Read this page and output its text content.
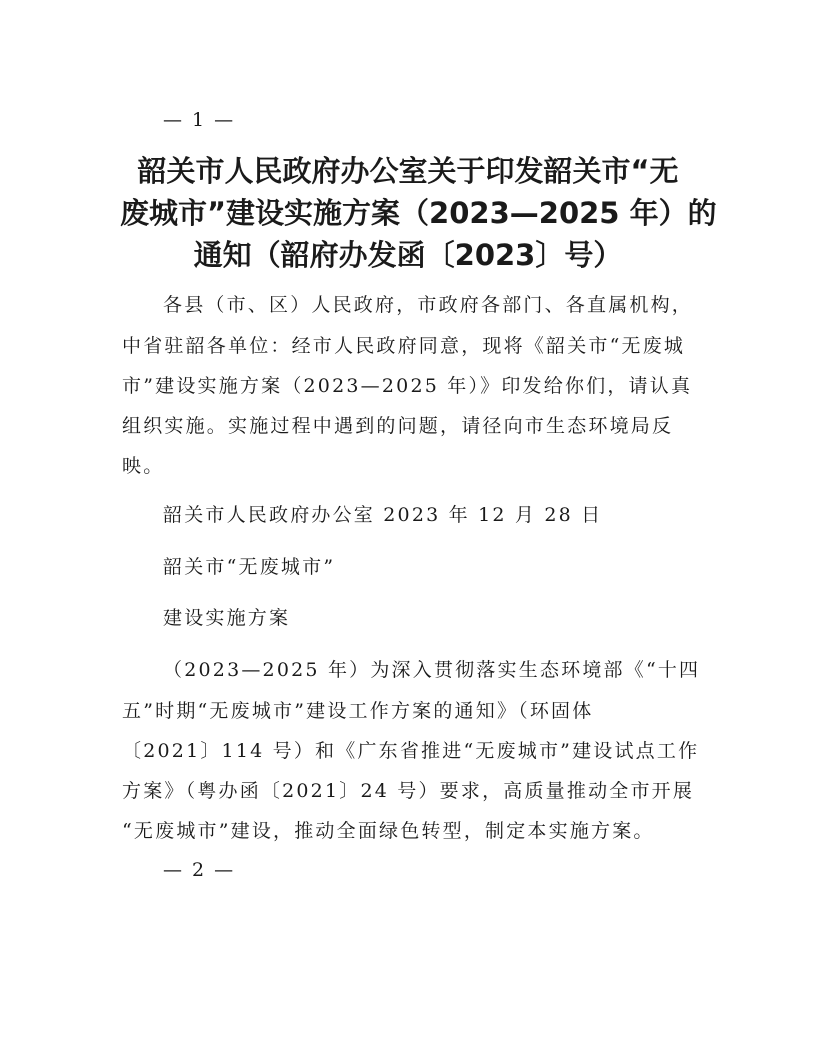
— 1 —
韶关市人民政府办公室关于印发韶关市“无
废城市”建设实施方案（2023—2025 年）的
通知（韶府办发函〔2023〕号）
各县（市、区）人民政府，市政府各部门、各直属机构，
中省驻韶各单位：经市人民政府同意，现将《韶关市“无废城
市”建设实施方案（2023—2025 年）》印发给你们，请认真
组织实施。实施过程中遇到的问题，请径向市生态环境局反
映。
韶关市人民政府办公室 2023 年 12 月 28 日
韶关市“无废城市”
建设实施方案
（2023—2025 年）为深入贯彻落实生态环境部《“十四
五”时期“无废城市”建设工作方案的通知》（环固体
〔2021〕114 号）和《广东省推进“无废城市”建设试点工作
方案》（粤办函〔2021〕24 号）要求，高质量推动全市开展
“无废城市”建设，推动全面绿色转型，制定本实施方案。
— 2 —
